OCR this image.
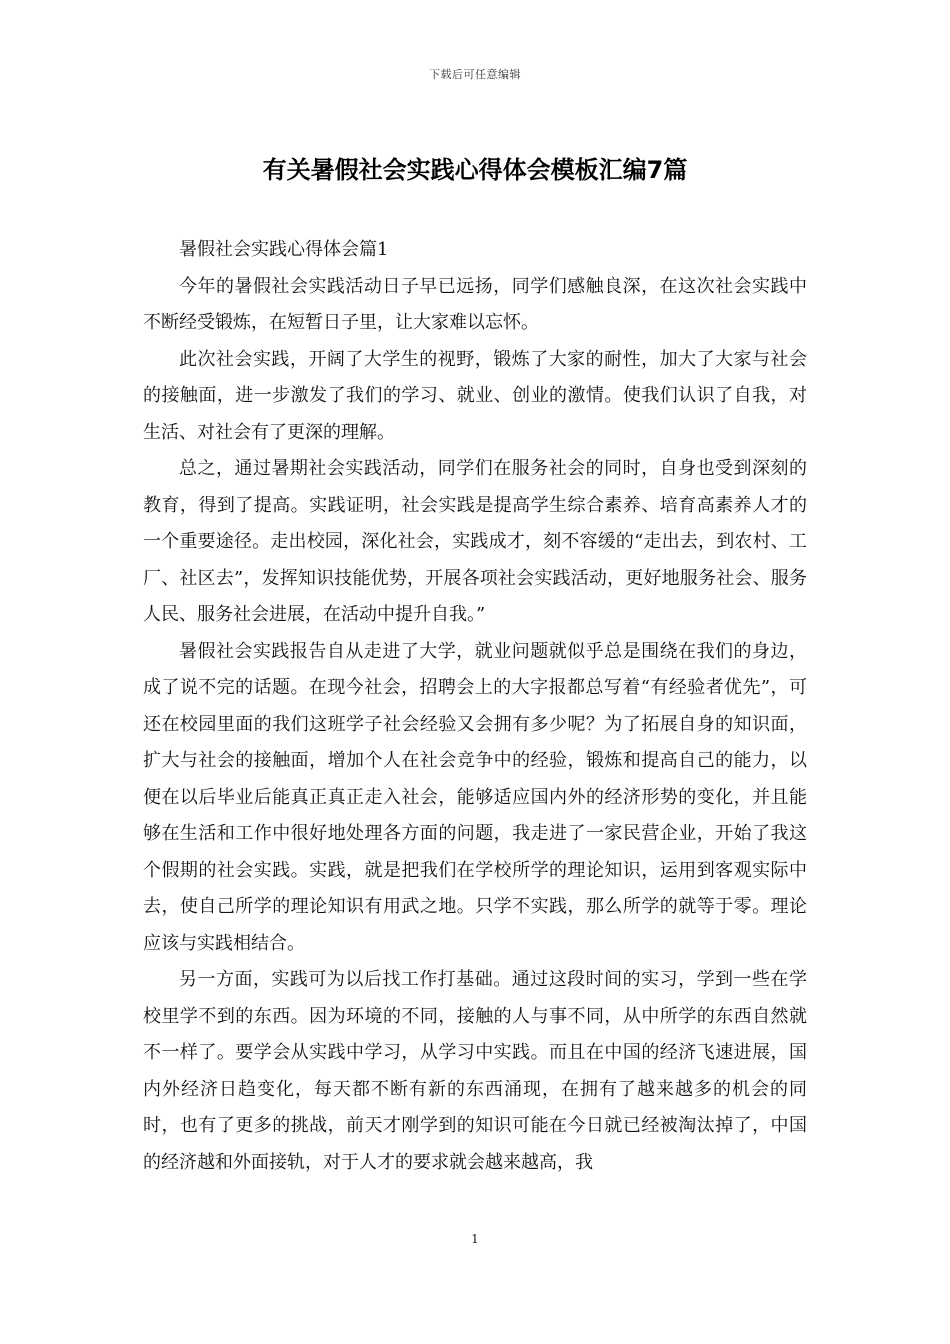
下载后可任意编辑
有关暑假社会实践心得体会模板汇编7篇

暑假社会实践心得体会篇1

今年的暑假社会实践活动日子早已远扬，同学们感触良深，在这次社会实践中不断经受锻炼，在短暂日子里，让大家难以忘怀。

此次社会实践，开阔了大学生的视野，锻炼了大家的耐性，加大了大家与社会的接触面，进一步激发了我们的学习、就业、创业的激情。使我们认识了自我，对生活、对社会有了更深的理解。

总之，通过暑期社会实践活动，同学们在服务社会的同时，自身也受到深刻的教育，得到了提高。实践证明，社会实践是提高学生综合素养、培育高素养人才的一个重要途径。走出校园，深化社会，实践成才，刻不容缓的“走出去，到农村、工厂、社区去”，发挥知识技能优势，开展各项社会实践活动，更好地服务社会、服务人民、服务社会进展，在活动中提升自我。”

暑假社会实践报告自从走进了大学，就业问题就似乎总是围绕在我们的身边，成了说不完的话题。在现今社会，招聘会上的大字报都总写着“有经验者优先”，可还在校园里面的我们这班学子社会经验又会拥有多少呢？为了拓展自身的知识面，扩大与社会的接触面，增加个人在社会竞争中的经验，锻炼和提高自己的能力，以便在以后毕业后能真正真正走入社会，能够适应国内外的经济形势的变化，并且能够在生活和工作中很好地处理各方面的问题，我走进了一家民营企业，开始了我这个假期的社会实践。实践，就是把我们在学校所学的理论知识，运用到客观实际中去，使自己所学的理论知识有用武之地。只学不实践，那么所学的就等于零。理论应该与实践相结合。

另一方面，实践可为以后找工作打基础。通过这段时间的实习，学到一些在学校里学不到的东西。因为环境的不同，接触的人与事不同，从中所学的东西自然就不一样了。要学会从实践中学习，从学习中实践。而且在中国的经济飞速进展，国内外经济日趋变化，每天都不断有新的东西涌现，在拥有了越来越多的机会的同时，也有了更多的挑战，前天才刚学到的知识可能在今日就已经被淘汰掉了，中国的经济越和外面接轨，对于人才的要求就会越来越高，我

1
